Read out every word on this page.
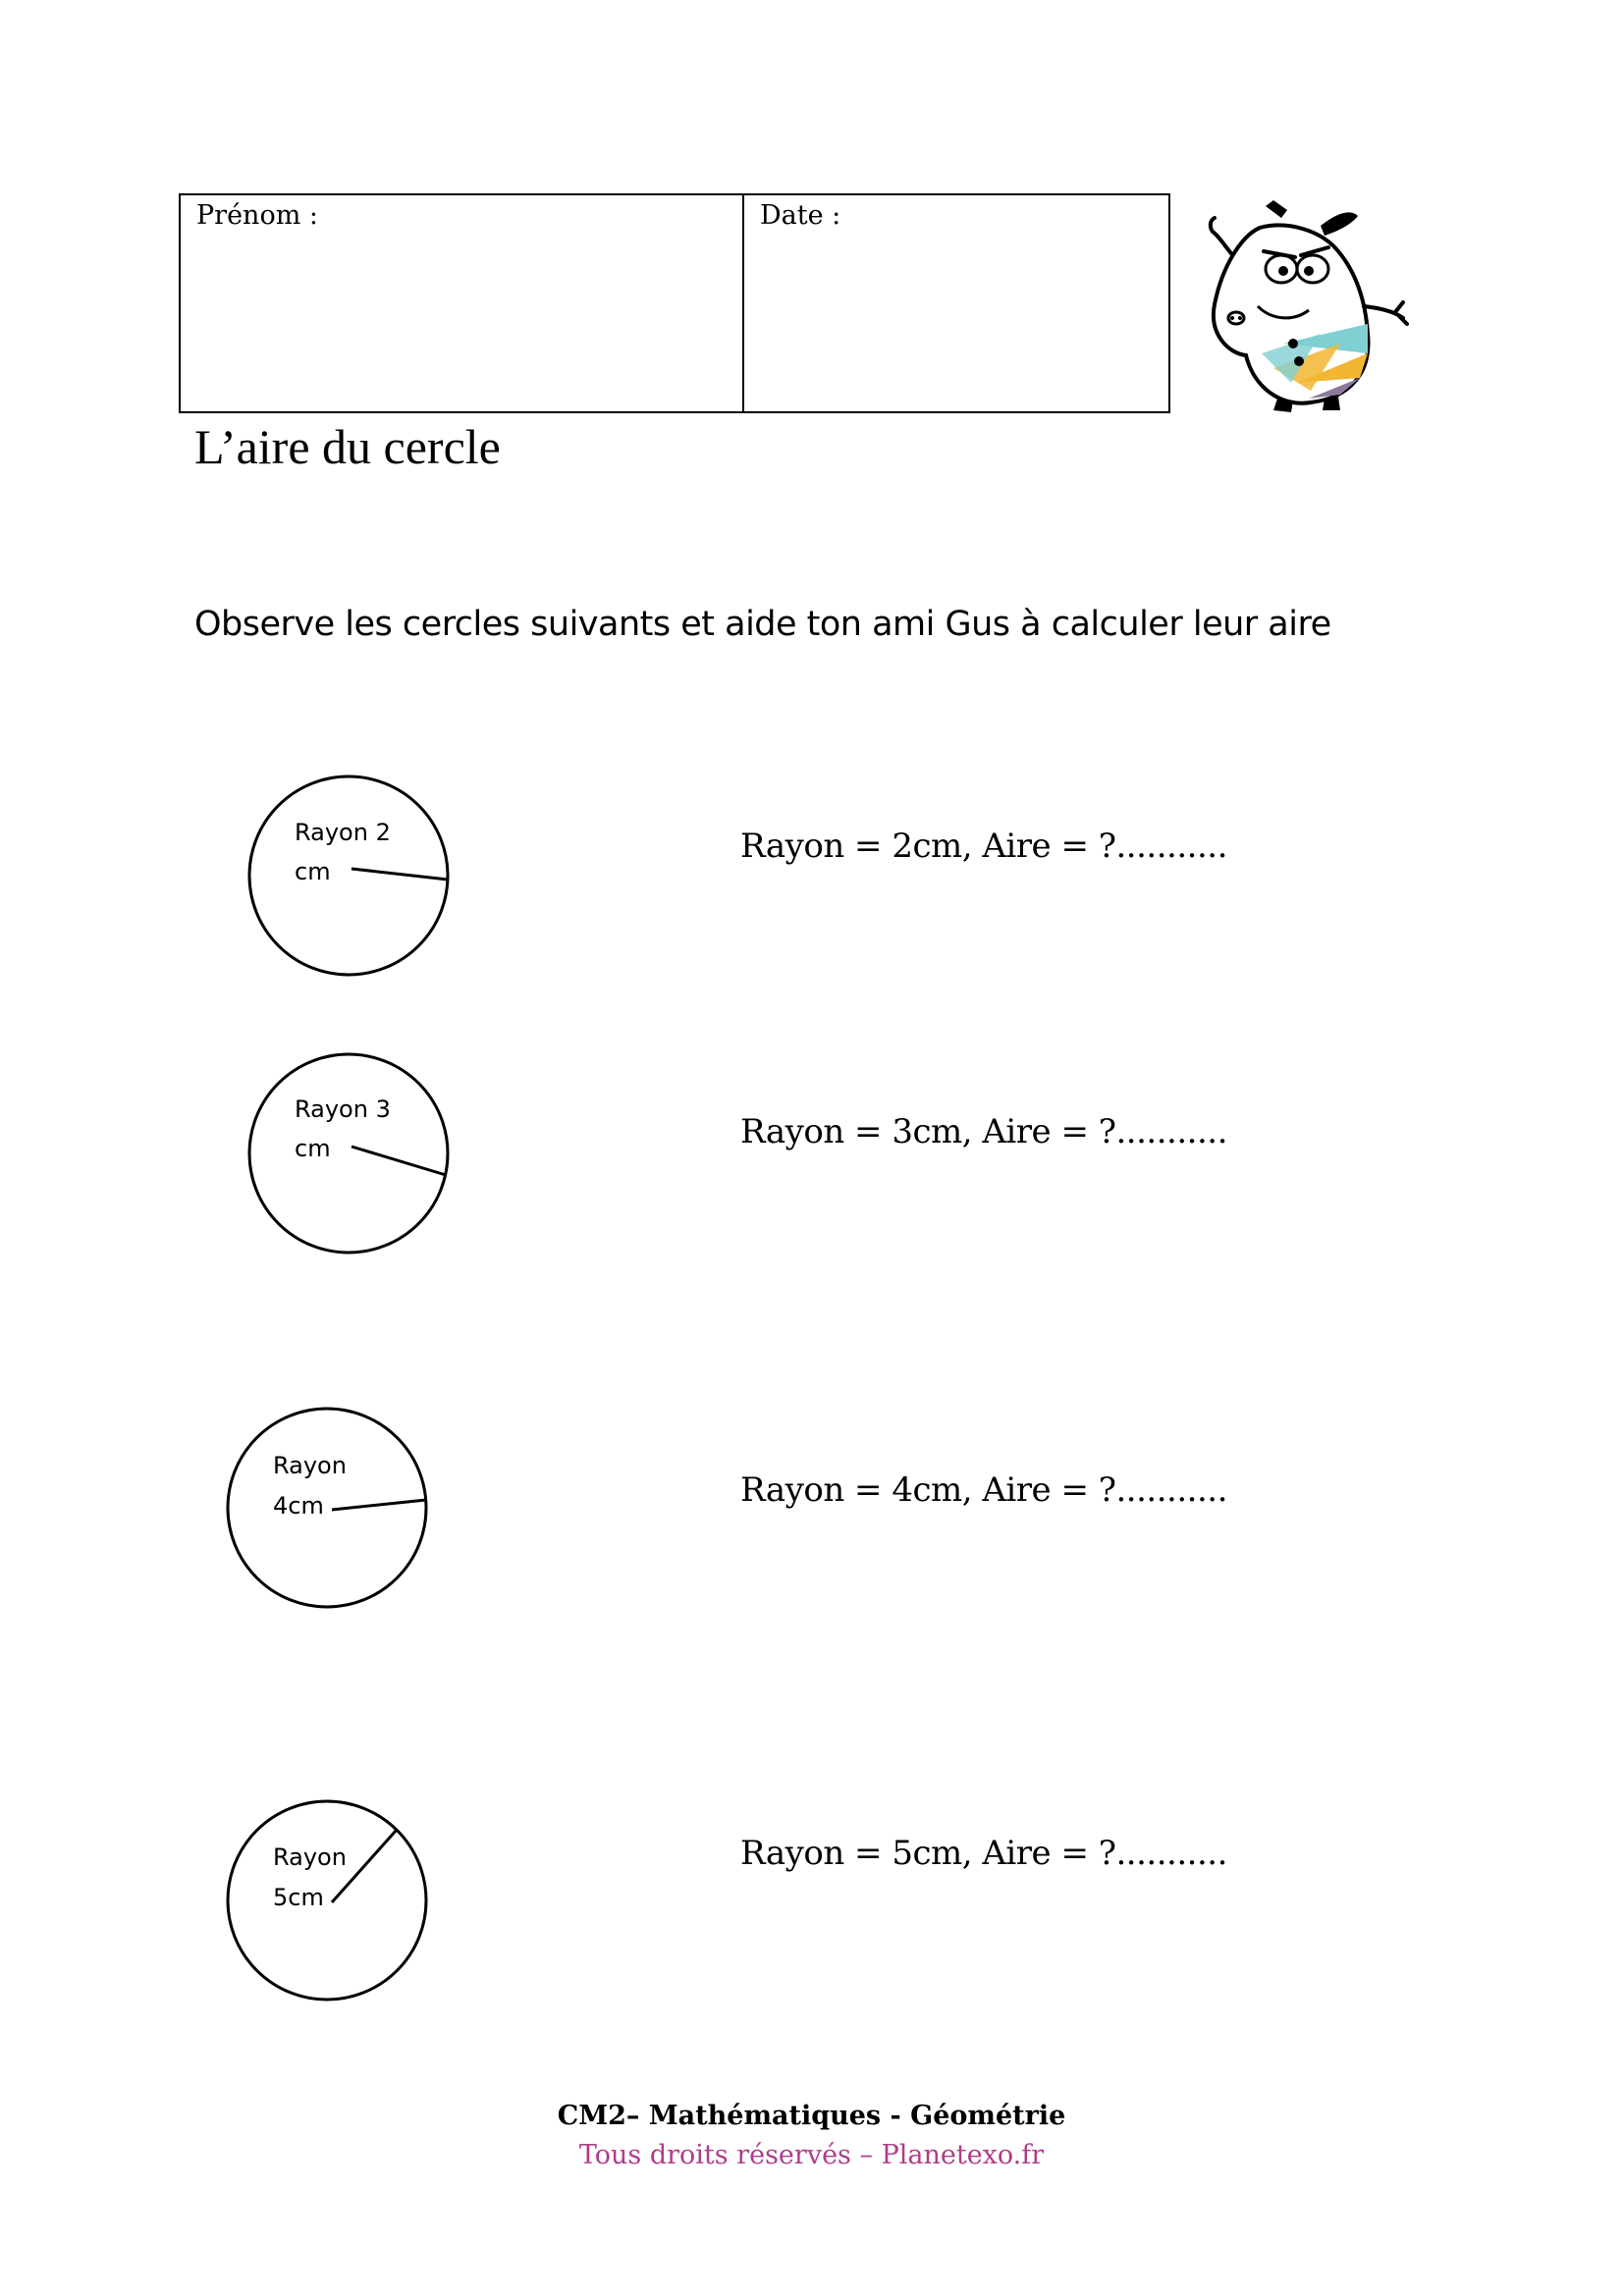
Prénom :	Date :
L’aire du cercle
Observe les cercles suivants et aide ton ami Gus à calculer leur aire
Rayon 2
cm
Rayon = 2cm, Aire = ?...........
Rayon 3
cm	Rayon = 3cm, Aire = ?...........
Rayon
4cm	Rayon = 4cm, Aire = ?...........
Rayon
5cm
Rayon = 5cm, Aire = ?...........
CM2– Mathématiques - Géométrie
Tous droits réservés – Planetexo.fr
